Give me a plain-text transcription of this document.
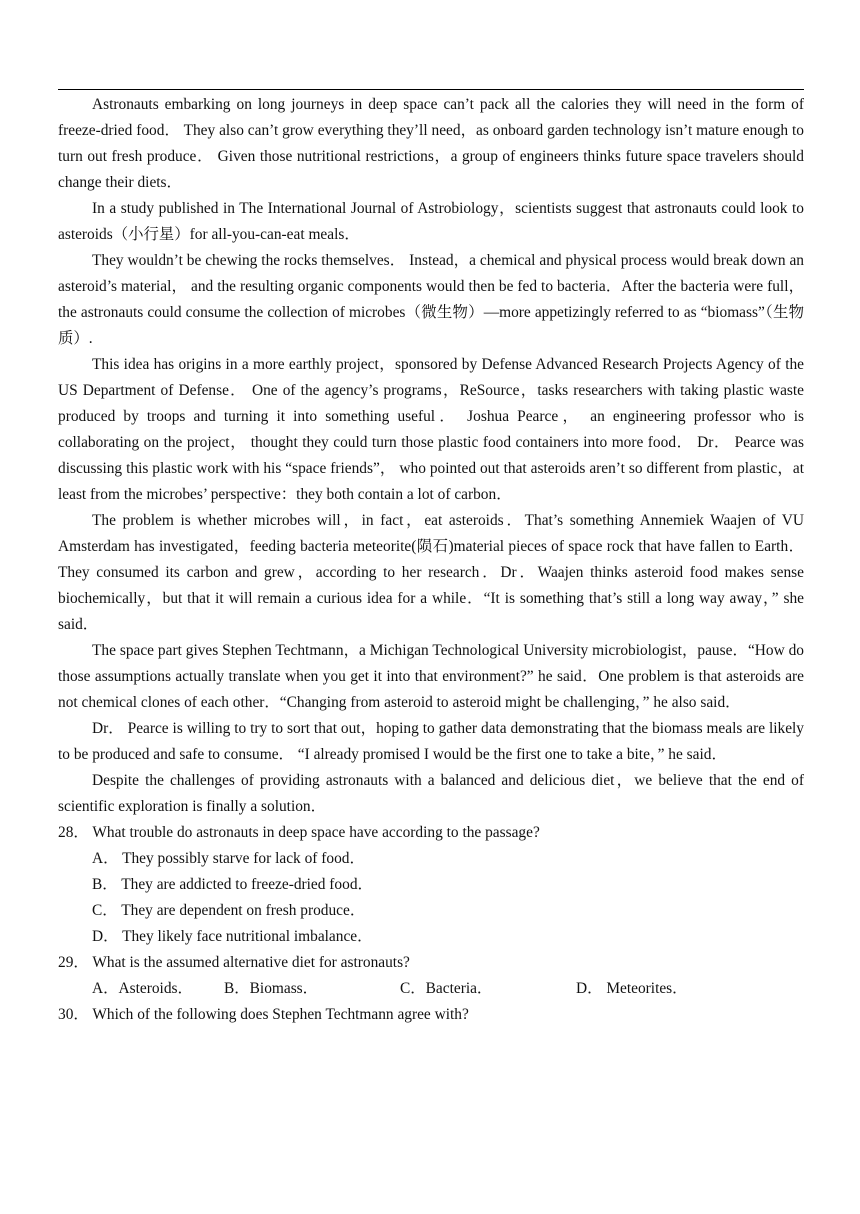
Astronauts embarking on long journeys in deep space can’t pack all the calories they will need in the form of freeze-dried food． They also can’t grow everything they’ll need，as onboard garden technology isn’t mature enough to turn out fresh produce． Given those nutritional restrictions，a group of engineers thinks future space travelers should change their diets．

In a study published in The International Journal of Astrobiology，scientists suggest that astronauts could look to asteroids（小行星）for all-you-can-eat meals．

They wouldn’t be chewing the rocks themselves． Instead，a chemical and physical process would break down an asteroid’s material， and the resulting organic components would then be fed to bacteria．After the bacteria were full，the astronauts could consume the collection of microbes（微生物）—more appetizingly referred to as “biomass”（生物质）.

This idea has origins in a more earthly project，sponsored by Defense Advanced Research Projects Agency of the US Department of Defense． One of the agency’s programs，ReSource，tasks researchers with taking plastic waste produced by troops and turning it into something useful． Joshua Pearce， an engineering professor who is collaborating on the project， thought they could turn those plastic food containers into more food． Dr． Pearce was discussing this plastic work with his “space friends”， who pointed out that asteroids aren’t so different from plastic，at least from the microbes’ perspective：they both contain a lot of carbon．

The problem is whether microbes will，in fact，eat asteroids．That’s something Annemiek Waajen of VU Amsterdam has investigated，feeding bacteria meteorite(陨石)material pieces of space rock that have fallen to Earth．They consumed its carbon and grew，according to her research．Dr．Waajen thinks asteroid food makes sense biochemically，but that it will remain a curious idea for a while．“It is something that’s still a long way away，” she said．

The space part gives Stephen Techtmann，a Michigan Technological University microbiologist，pause．“How do those assumptions actually translate when you get it into that environment?” he said．One problem is that asteroids are not chemical clones of each other．“Changing from asteroid to asteroid might be challenging，” he also said．

Dr． Pearce is willing to try to sort that out，hoping to gather data demonstrating that the biomass meals are likely to be produced and safe to consume． “I already promised I would be the first one to take a bite，” he said．

Despite the challenges of providing astronauts with a balanced and delicious diet，we believe that the end of scientific exploration is finally a solution．

28． What trouble do astronauts in deep space have according to the passage?

A． They possibly starve for lack of food．

B． They are addicted to freeze-dried food．

C． They are dependent on fresh produce．

D． They likely face nutritional imbalance．

29． What is the assumed alternative diet for astronauts?

A．Asteroids．	B．Biomass．	C．Bacteria．	D． Meteorites．

30． Which of the following does Stephen Techtmann agree with?
